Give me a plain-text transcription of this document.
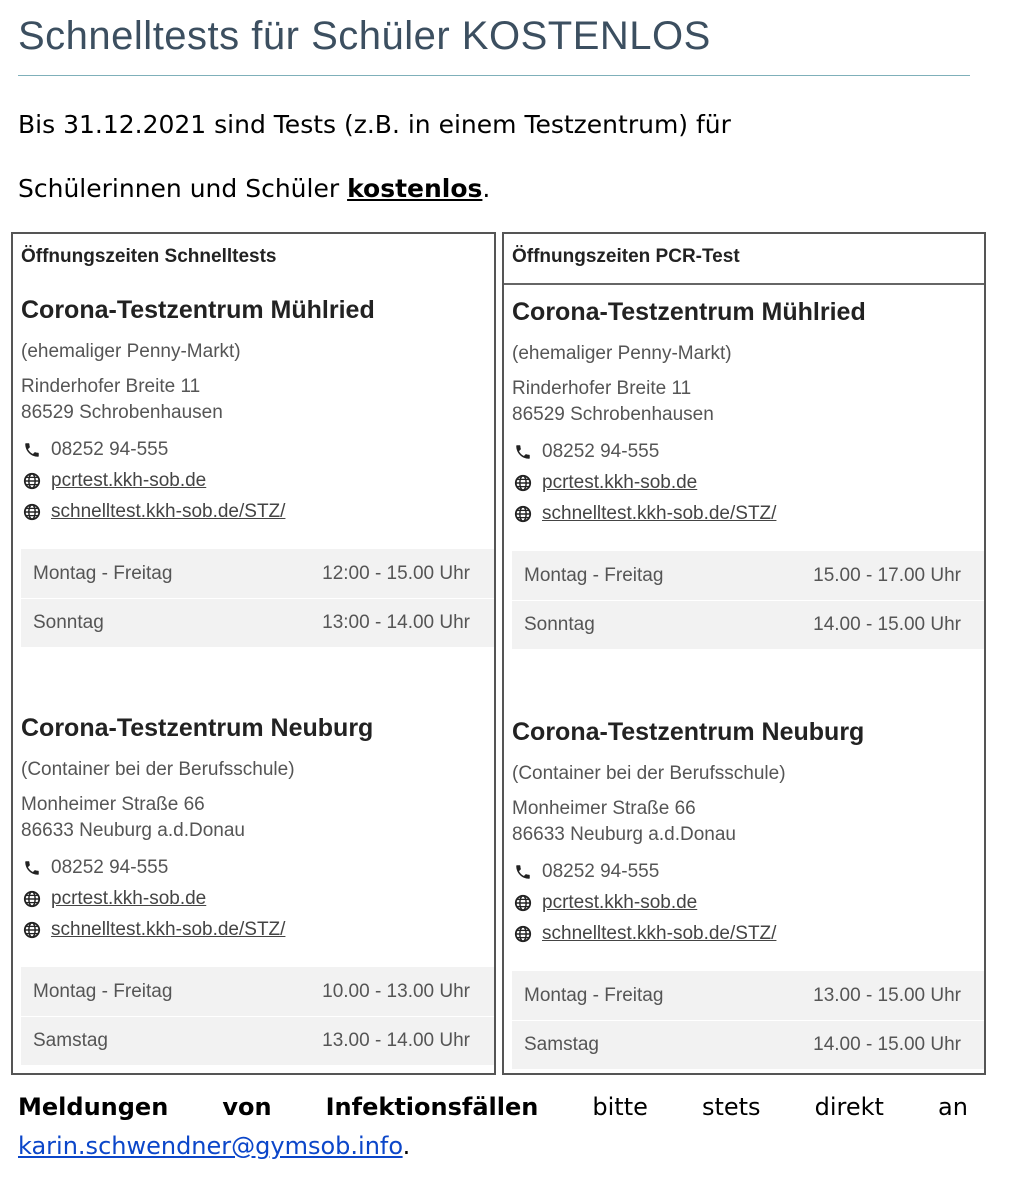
Schnelltests für Schüler KOSTENLOS
Bis 31.12.2021 sind Tests (z.B. in einem Testzentrum) für
Schülerinnen und Schüler kostenlos.
Öffnungszeiten Schnelltests
Corona-Testzentrum Mühlried
(ehemaliger Penny-Markt)
Rinderhofer Breite 11
86529 Schrobenhausen
08252 94-555
pcrtest.kkh-sob.de
schnelltest.kkh-sob.de/STZ/
Montag - Freitag	12:00 - 15.00 Uhr
Sonntag	13:00 - 14.00 Uhr
Corona-Testzentrum Neuburg
(Container bei der Berufsschule)
Monheimer Straße 66
86633 Neuburg a.d.Donau
08252 94-555
pcrtest.kkh-sob.de
schnelltest.kkh-sob.de/STZ/
Montag - Freitag	10.00 - 13.00 Uhr
Samstag	13.00 - 14.00 Uhr
Öffnungszeiten PCR-Test
Corona-Testzentrum Mühlried
(ehemaliger Penny-Markt)
Rinderhofer Breite 11
86529 Schrobenhausen
08252 94-555
pcrtest.kkh-sob.de
schnelltest.kkh-sob.de/STZ/
Montag - Freitag	15.00 - 17.00 Uhr
Sonntag	14.00 - 15.00 Uhr
Corona-Testzentrum Neuburg
(Container bei der Berufsschule)
Monheimer Straße 66
86633 Neuburg a.d.Donau
08252 94-555
pcrtest.kkh-sob.de
schnelltest.kkh-sob.de/STZ/
Montag - Freitag	13.00 - 15.00 Uhr
Samstag	14.00 - 15.00 Uhr
Meldungen von Infektionsfällen bitte stets direkt an
karin.schwendner@gymsob.info.
